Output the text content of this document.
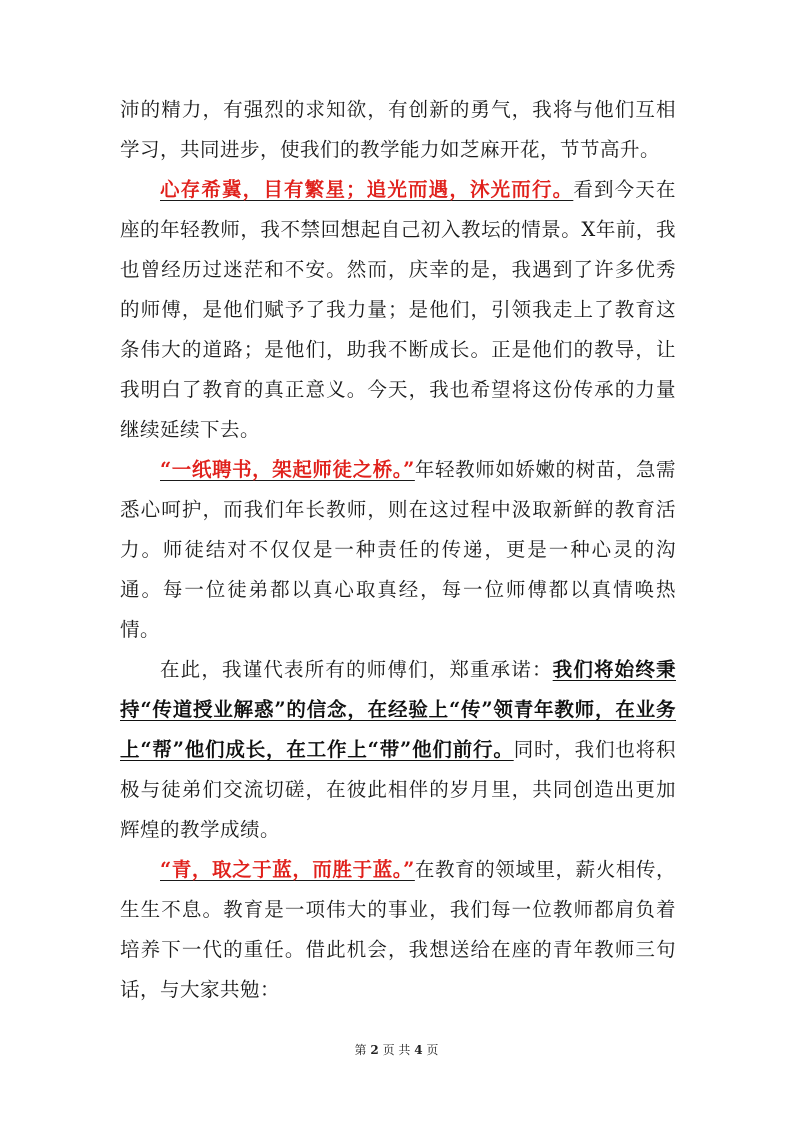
沛的精力，有强烈的求知欲，有创新的勇气，我将与他们互相学习，共同进步，使我们的教学能力如芝麻开花，节节高升。

心存希冀，目有繁星；追光而遇，沐光而行。看到今天在座的年轻教师，我不禁回想起自己初入教坛的情景。X年前，我也曾经历过迷茫和不安。然而，庆幸的是，我遇到了许多优秀的师傅，是他们赋予了我力量；是他们，引领我走上了教育这条伟大的道路；是他们，助我不断成长。正是他们的教导，让我明白了教育的真正意义。今天，我也希望将这份传承的力量继续延续下去。

“一纸聘书，架起师徒之桥。”年轻教师如娇嫩的树苗，急需悉心呵护，而我们年长教师，则在这过程中汲取新鲜的教育活力。师徒结对不仅仅是一种责任的传递，更是一种心灵的沟通。每一位徒弟都以真心取真经，每一位师傅都以真情唤热情。

在此，我谨代表所有的师傅们，郑重承诺：我们将始终秉持“传道授业解惑”的信念，在经验上“传”领青年教师，在业务上“帮”他们成长，在工作上“带”他们前行。同时，我们也将积极与徒弟们交流切磋，在彼此相伴的岁月里，共同创造出更加辉煌的教学成绩。

“青，取之于蓝，而胜于蓝。”在教育的领域里，薪火相传，生生不息。教育是一项伟大的事业，我们每一位教师都肩负着培养下一代的重任。借此机会，我想送给在座的青年教师三句话，与大家共勉：

第 2 页 共 4 页
